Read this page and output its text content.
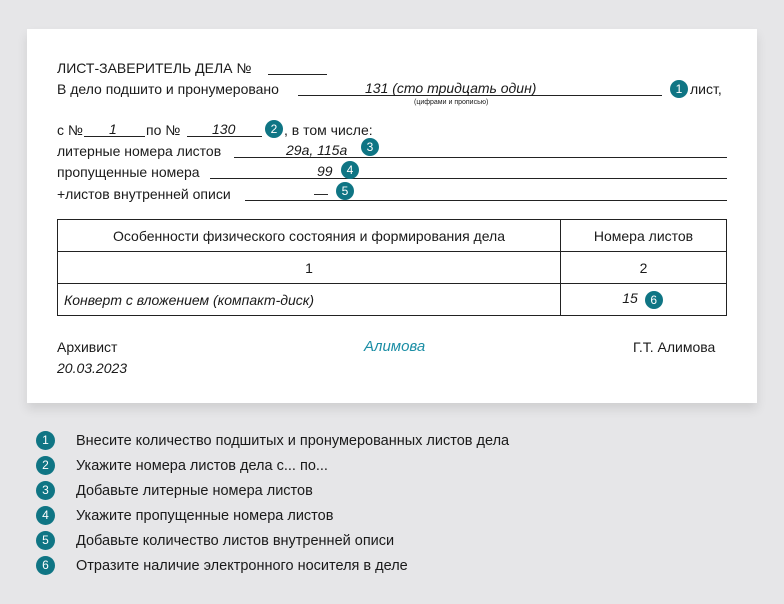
ЛИСТ-ЗАВЕРИТЕЛЬ ДЕЛА №
В дело подшито и пронумеровано	131 (сто тридцать один)
(цифрами и прописью)
1 лист,
с № 1 по № 130	2 , в том числе:
литерные номера листов	29а, 115а	3
пропущенные номера	99	4
+листов внутренней описи	—	5
Особенности физического состояния и формирования дела	Номера листов
1	2
Конверт с вложением (компакт-диск)	15 6
Архивист
20.03.2023
Алимова	Г.Т. Алимова
1	Внесите количество подшитых и пронумерованных листов дела
2	Укажите номера листов дела с... по...
3	Добавьте литерные номера листов
4	Укажите пропущенные номера листов
5	Добавьте количество листов внутренней описи
6	Отразите наличие электронного носителя в деле
